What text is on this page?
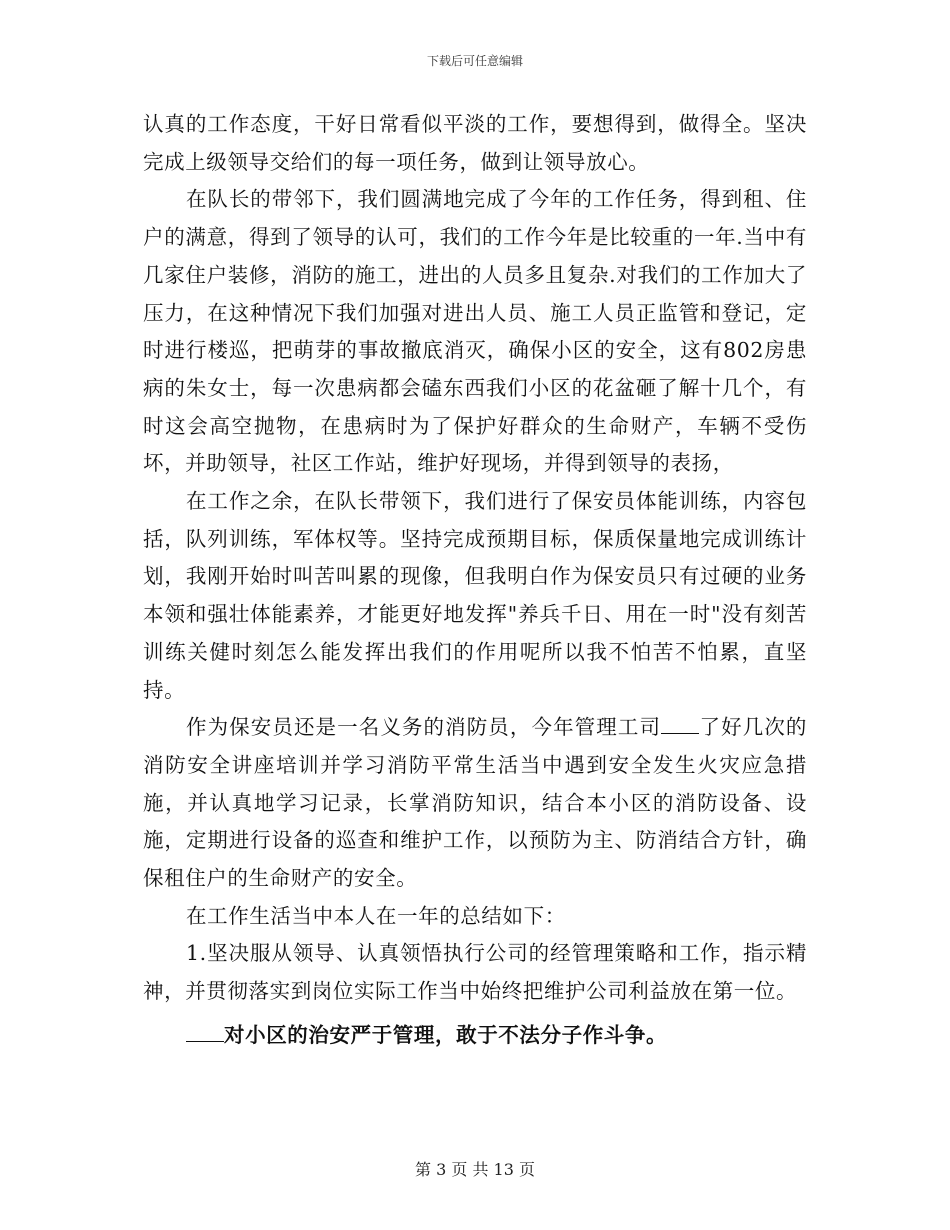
下载后可任意编辑

认真的工作态度，干好日常看似平淡的工作，要想得到，做得全。坚决完成上级领导交给们的每一项任务，做到让领导放心。

在队长的带邻下，我们圆满地完成了今年的工作任务，得到租、住户的满意，得到了领导的认可，我们的工作今年是比较重的一年.当中有几家住户装修，消防的施工，进出的人员多且复杂.对我们的工作加大了压力，在这种情况下我们加强对进出人员、施工人员正监管和登记，定时进行楼巡，把萌芽的事故撤底消灭，确保小区的安全，这有802房患病的朱女士，每一次患病都会磕东西我们小区的花盆砸了解十几个，有时这会高空抛物，在患病时为了保护好群众的生命财产，车辆不受伤坏，并助领导，社区工作站，维护好现场，并得到领导的表扬，

在工作之余，在队长带领下，我们进行了保安员体能训练，内容包括，队列训练，军体权等。坚持完成预期目标，保质保量地完成训练计划，我刚开始时叫苦叫累的现像，但我明白作为保安员只有过硬的业务本领和强壮体能素养，才能更好地发挥"养兵千日、用在一时"没有刻苦训练关健时刻怎么能发挥出我们的作用呢所以我不怕苦不怕累，直坚持。

作为保安员还是一名义务的消防员，今年管理工司 了好几次的消防安全讲座培训并学习消防平常生活当中遇到安全发生火灾应急措施，并认真地学习记录，长掌消防知识，结合本小区的消防设备、设施，定期进行设备的巡查和维护工作，以预防为主、防消结合方针，确保租住户的生命财产的安全。

在工作生活当中本人在一年的总结如下：

1.坚决服从领导、认真领悟执行公司的经管理策略和工作，指示精神，并贯彻落实到岗位实际工作当中始终把维护公司利益放在第一位。

对小区的治安严于管理，敢于不法分子作斗争。

第 3 页 共 13 页
